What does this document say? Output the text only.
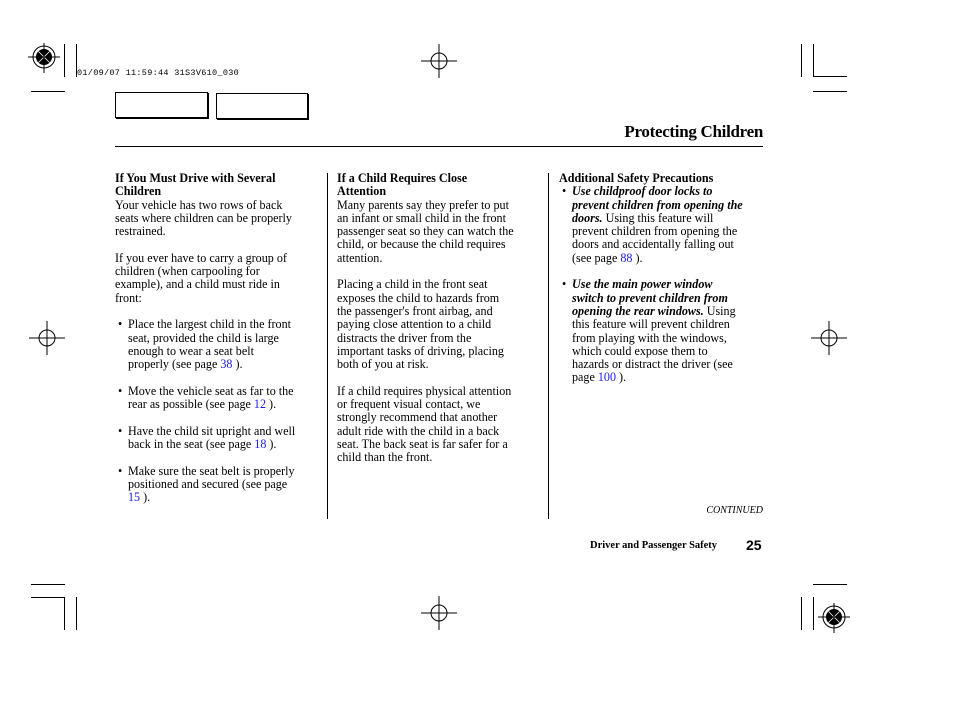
01/09/07 11:59:44 31S3V610_030
Protecting Children

If You Must Drive with Several
Children

Your vehicle has two rows of back
seats where children can be properly
restrained.

If you ever have to carry a group of
children (when carpooling for
example), and a child must ride in
front:

• Place the largest child in the front
seat, provided the child is large
enough to wear a seat belt
properly (see page 38 ).
• Move the vehicle seat as far to the
rear as possible (see page 12 ).
• Have the child sit upright and well
back in the seat (see page 18 ).
• Make sure the seat belt is properly
positioned and secured (see page
15 ).

If a Child Requires Close
Attention

Many parents say they prefer to put
an infant or small child in the front
passenger seat so they can watch the
child, or because the child requires
attention.

Placing a child in the front seat
exposes the child to hazards from
the passenger's front airbag, and
paying close attention to a child
distracts the driver from the
important tasks of driving, placing
both of you at risk.

If a child requires physical attention
or frequent visual contact, we
strongly recommend that another
adult ride with the child in a back
seat. The back seat is far safer for a
child than the front.

Additional Safety Precautions

• Use childproof door locks to
prevent children from opening the
doors. Using this feature will
prevent children from opening the
doors and accidentally falling out
(see page 88 ).
• Use the main power window
switch to prevent children from
opening the rear windows. Using
this feature will prevent children
from playing with the windows,
which could expose them to
hazards or distract the driver (see
page 100 ).
CONTINUED
Driver and Passenger Safety 25
